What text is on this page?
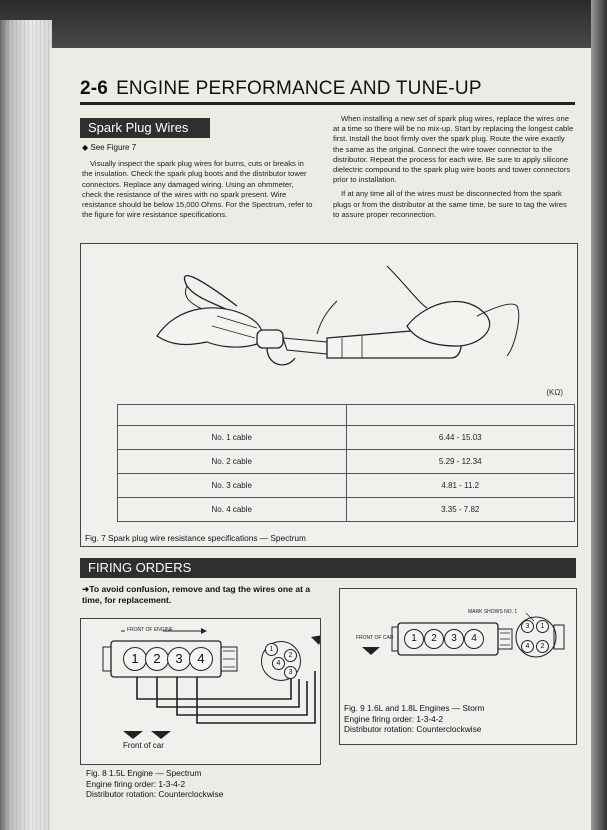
2-6 ENGINE PERFORMANCE AND TUNE-UP
Spark Plug Wires
◆ See Figure 7

Visually inspect the spark plug wires for burns, cuts or breaks in the insulation. Check the spark plug boots and the distributor tower connectors. Replace any damaged wiring. Using an ohmmeter, check the resistance of the wires with no spark present. Wire resistance should be below 15,000 Ohms. For the Spectrum, refer to the figure for wire resistance specifications.

When installing a new set of spark plug wires, replace the wires one at a time so there will be no mix-up. Start by replacing the longest cable first. Install the boot firmly over the spark plug. Route the wire exactly the same as the original. Connect the wire tower connector to the distributor. Repeat the process for each wire. Be sure to apply silicone dielectric compound to the spark plug wire boots and tower connectors prior to installation.

If at any time all of the wires must be disconnected from the spark plugs or from the distributor at the same time, be sure to tag the wires to assure proper reconnection.

(KΩ)

No. 1 cable	6.44 - 15.03
No. 2 cable	5.29 - 12.34
No. 3 cable	4.81 - 11.2
No. 4 cable	3.35 - 7.82
Fig. 7 Spark plug wire resistance specifications — Spectrum
FIRING ORDERS
➜To avoid confusion, remove and tag the wires one at a time, for replacement.
FRONT OF ENGINE
1	2	3	4
1
2
4
3
Front of car
Fig. 8 1.5L Engine — Spectrum
Engine firing order: 1-3-4-2
Distributor rotation: Counterclockwise
MARK SHOWS NO. 1
FRONT OF CAR	1	2	3	4
3	1
4	2
Fig. 9 1.6L and 1.8L Engines — Storm
Engine firing order: 1-3-4-2
Distributor rotation: Counterclockwise
